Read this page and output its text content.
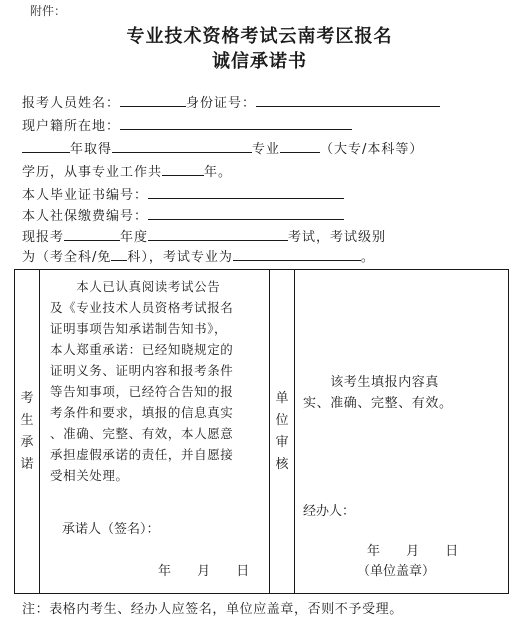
附件：
专业技术资格考试云南考区报名
诚信承诺书
报考人员姓名：	身份证号：
现户籍所在地：
年取得	专业	（大专/本科等）
学历，从事专业工作共	年。
本人毕业证书编号：
本人社保缴费编号：
现报考	年度	考试，考试级别
为（考全科/免 科），考试专业为	。
考
生
承
诺

　　本人已认真阅读考试公告

及《专业技术人员资格考试报名

证明事项告知承诺制告知书》，

本人郑重承诺：已经知晓规定的

证明义务、证明内容和报考条件

等告知事项，已经符合告知的报

考条件和要求，填报的信息真实

、准确、完整、有效，本人愿意

承担虚假承诺的责任，并自愿接

受相关处理。

承诺人（签名）：
年 月 日

单
位
审
核

　　该考生填报内容真
实、准确、完整、有效。
经办人：
年 月 日
（单位盖章）
注：表格内考生、经办人应签名，单位应盖章，否则不予受理。
